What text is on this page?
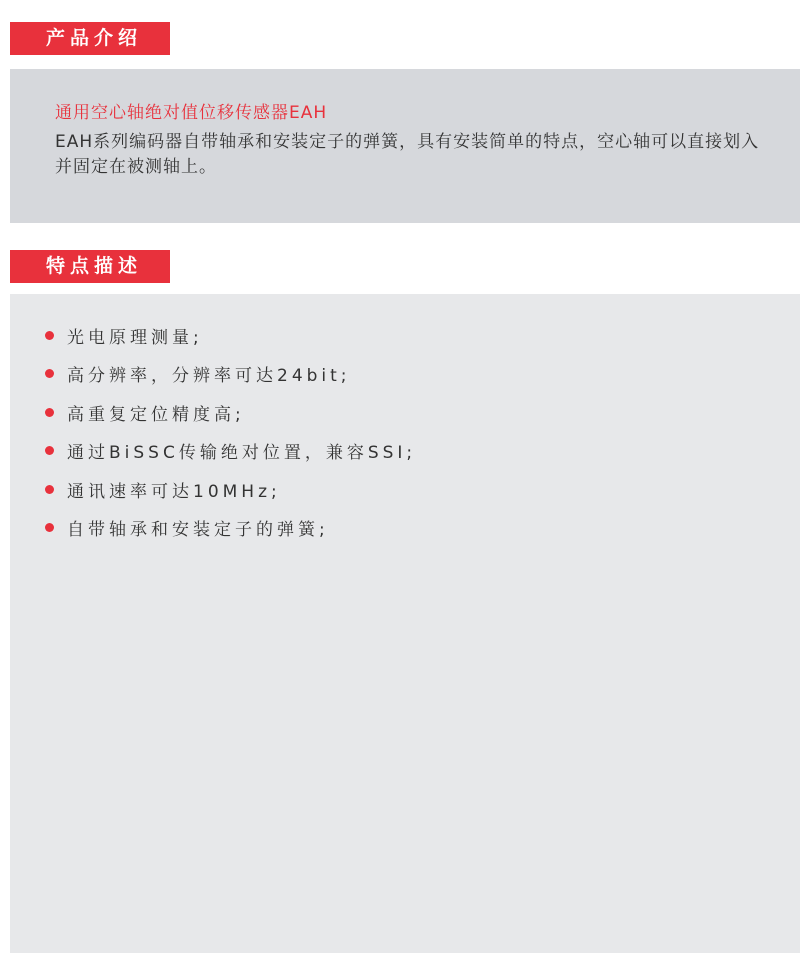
产品介绍
通用空心轴绝对值位移传感器EAH

EAH系列编码器自带轴承和安装定子的弹簧，具有安装简单的特点，空心轴可以直接划入并固定在被测轴上。

特点描述
光电原理测量;
高分辨率，分辨率可达24bit;
高重复定位精度高;
通过BiSSC传输绝对位置，兼容SSI;
通讯速率可达10MHz;
自带轴承和安装定子的弹簧;
